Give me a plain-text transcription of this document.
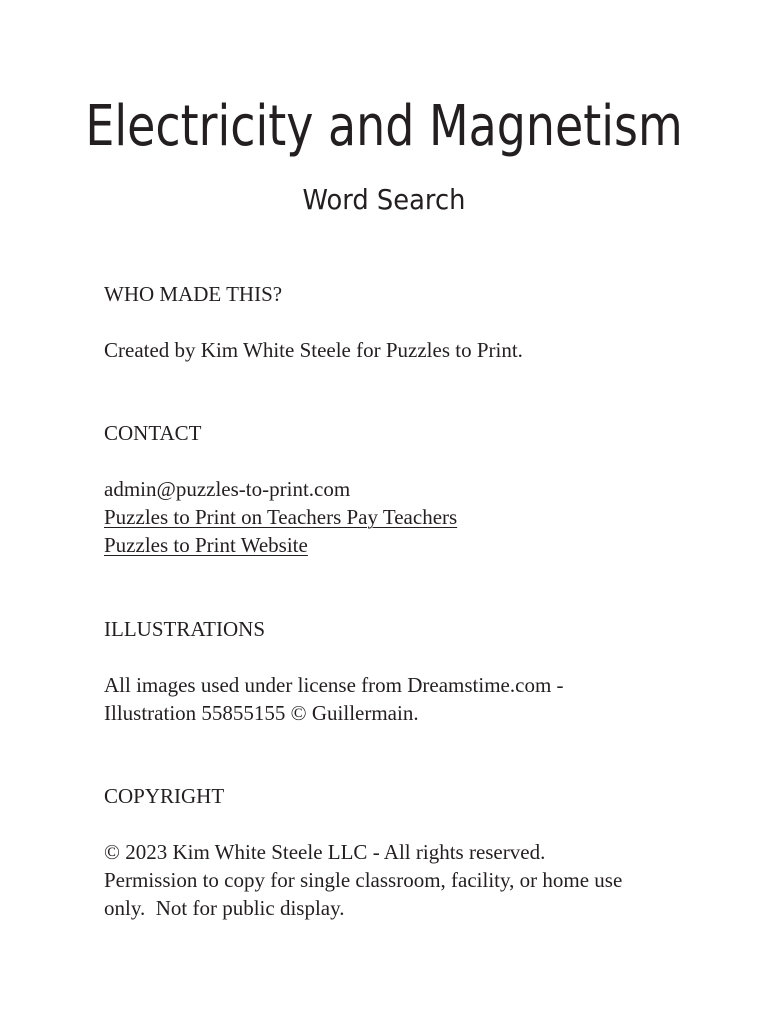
Electricity and Magnetism
Word Search
WHO MADE THIS?
Created by Kim White Steele for Puzzles to Print.
CONTACT
admin@puzzles-to-print.com
Puzzles to Print on Teachers Pay Teachers
Puzzles to Print Website
ILLUSTRATIONS
All images used under license from Dreamstime.com -
Illustration 55855155 © Guillermain.
COPYRIGHT
© 2023 Kim White Steele LLC - All rights reserved.
Permission to copy for single classroom, facility, or home use
only.  Not for public display.
